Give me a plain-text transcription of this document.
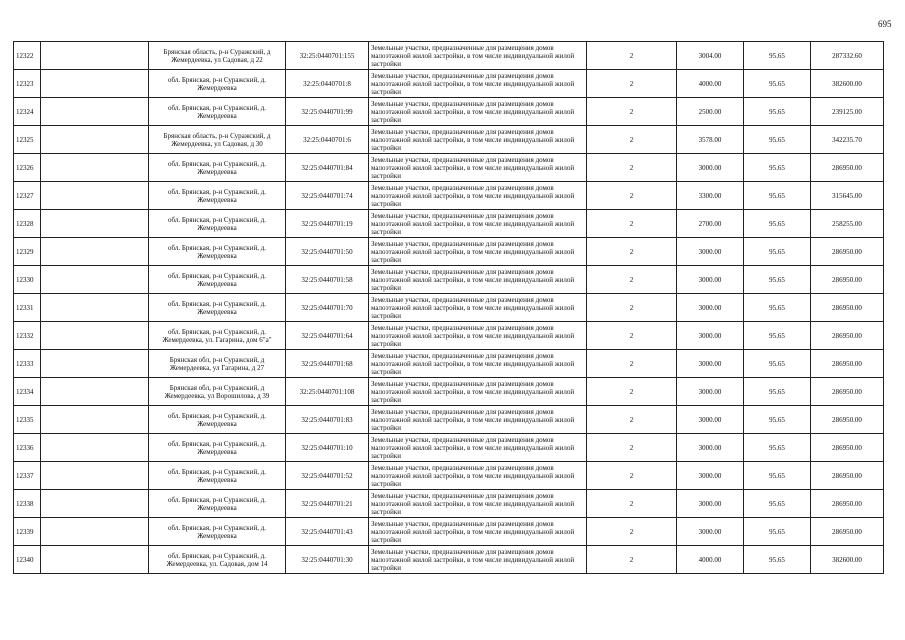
695
12322		Брянская область, р-н Суражский, д Жемердеевка, ул Садовая, д 22	32:25:0440701:155	Земельные участки, предназначенные для размещения домов малоэтажной жилой застройки, в том числе индивидуальной жилой застройки	2	3004.00	95.65	287332.60
12323		обл. Брянская, р-н Суражский, д. Жемердеевка	32:25:0440701:8	Земельные участки, предназначенные для размещения домов малоэтажной жилой застройки, в том числе индивидуальной жилой застройки	2	4000.00	95.65	382600.00
12324		обл. Брянская, р-н Суражский, д. Жемердеевка	32:25:0440701:99	Земельные участки, предназначенные для размещения домов малоэтажной жилой застройки, в том числе индивидуальной жилой застройки	2	2500.00	95.65	239125.00
12325		Брянская область, р-н Суражский, д Жемердеевка, ул Садовая, д 30	32:25:0440701:6	Земельные участки, предназначенные для размещения домов малоэтажной жилой застройки, в том числе индивидуальной жилой застройки	2	3578.00	95.65	342235.70
12326		обл. Брянская, р-н Суражский, д. Жемердеевка	32:25:0440701:84	Земельные участки, предназначенные для размещения домов малоэтажной жилой застройки, в том числе индивидуальной жилой застройки	2	3000.00	95.65	286950.00
12327		обл. Брянская, р-н Суражский, д. Жемердеевка	32:25:0440701:74	Земельные участки, предназначенные для размещения домов малоэтажной жилой застройки, в том числе индивидуальной жилой застройки	2	3300.00	95.65	315645.00
12328		обл. Брянская, р-н Суражский, д. Жемердеевка	32:25:0440701:19	Земельные участки, предназначенные для размещения домов малоэтажной жилой застройки, в том числе индивидуальной жилой застройки	2	2700.00	95.65	258255.00
12329		обл. Брянская, р-н Суражский, д. Жемердеевка	32:25:0440701:50	Земельные участки, предназначенные для размещения домов малоэтажной жилой застройки, в том числе индивидуальной жилой застройки	2	3000.00	95.65	286950.00
12330		обл. Брянская, р-н Суражский, д. Жемердеевка	32:25:0440701:58	Земельные участки, предназначенные для размещения домов малоэтажной жилой застройки, в том числе индивидуальной жилой застройки	2	3000.00	95.65	286950.00
12331		обл. Брянская, р-н Суражский, д. Жемердеевка	32:25:0440701:70	Земельные участки, предназначенные для размещения домов малоэтажной жилой застройки, в том числе индивидуальной жилой застройки	2	3000.00	95.65	286950.00
12332		обл. Брянская, р-н Суражский, д. Жемердеевка, ул. Гагарина, дом 6"а"	32:25:0440701:64	Земельные участки, предназначенные для размещения домов малоэтажной жилой застройки, в том числе индивидуальной жилой застройки	2	3000.00	95.65	286950.00
12333		Брянская обл, р-н Суражский, д Жемердеевка, ул Гагарина, д 27	32:25:0440701:68	Земельные участки, предназначенные для размещения домов малоэтажной жилой застройки, в том числе индивидуальной жилой застройки	2	3000.00	95.65	286950.00
12334		Брянская обл, р-н Суражский, д Жемердеевка, ул Ворошилова, д 39	32:25:0440701:108	Земельные участки, предназначенные для размещения домов малоэтажной жилой застройки, в том числе индивидуальной жилой застройки	2	3000.00	95.65	286950.00
12335		обл. Брянская, р-н Суражский, д. Жемердеевка	32:25:0440701:83	Земельные участки, предназначенные для размещения домов малоэтажной жилой застройки, в том числе индивидуальной жилой застройки	2	3000.00	95.65	286950.00
12336		обл. Брянская, р-н Суражский, д. Жемердеевка	32:25:0440701:10	Земельные участки, предназначенные для размещения домов малоэтажной жилой застройки, в том числе индивидуальной жилой застройки	2	3000.00	95.65	286950.00
12337		обл. Брянская, р-н Суражский, д. Жемердеевка	32:25:0440701:52	Земельные участки, предназначенные для размещения домов малоэтажной жилой застройки, в том числе индивидуальной жилой застройки	2	3000.00	95.65	286950.00
12338		обл. Брянская, р-н Суражский, д. Жемердеевка	32:25:0440701:21	Земельные участки, предназначенные для размещения домов малоэтажной жилой застройки, в том числе индивидуальной жилой застройки	2	3000.00	95.65	286950.00
12339		обл. Брянская, р-н Суражский, д. Жемердеевка	32:25:0440701:43	Земельные участки, предназначенные для размещения домов малоэтажной жилой застройки, в том числе индивидуальной жилой застройки	2	3000.00	95.65	286950.00
12340		обл. Брянская, р-н Суражский, д. Жемердеевка, ул. Садовая, дом 14	32:25:0440701:30	Земельные участки, предназначенные для размещения домов малоэтажной жилой застройки, в том числе индивидуальной жилой застройки	2	4000.00	95.65	382600.00
